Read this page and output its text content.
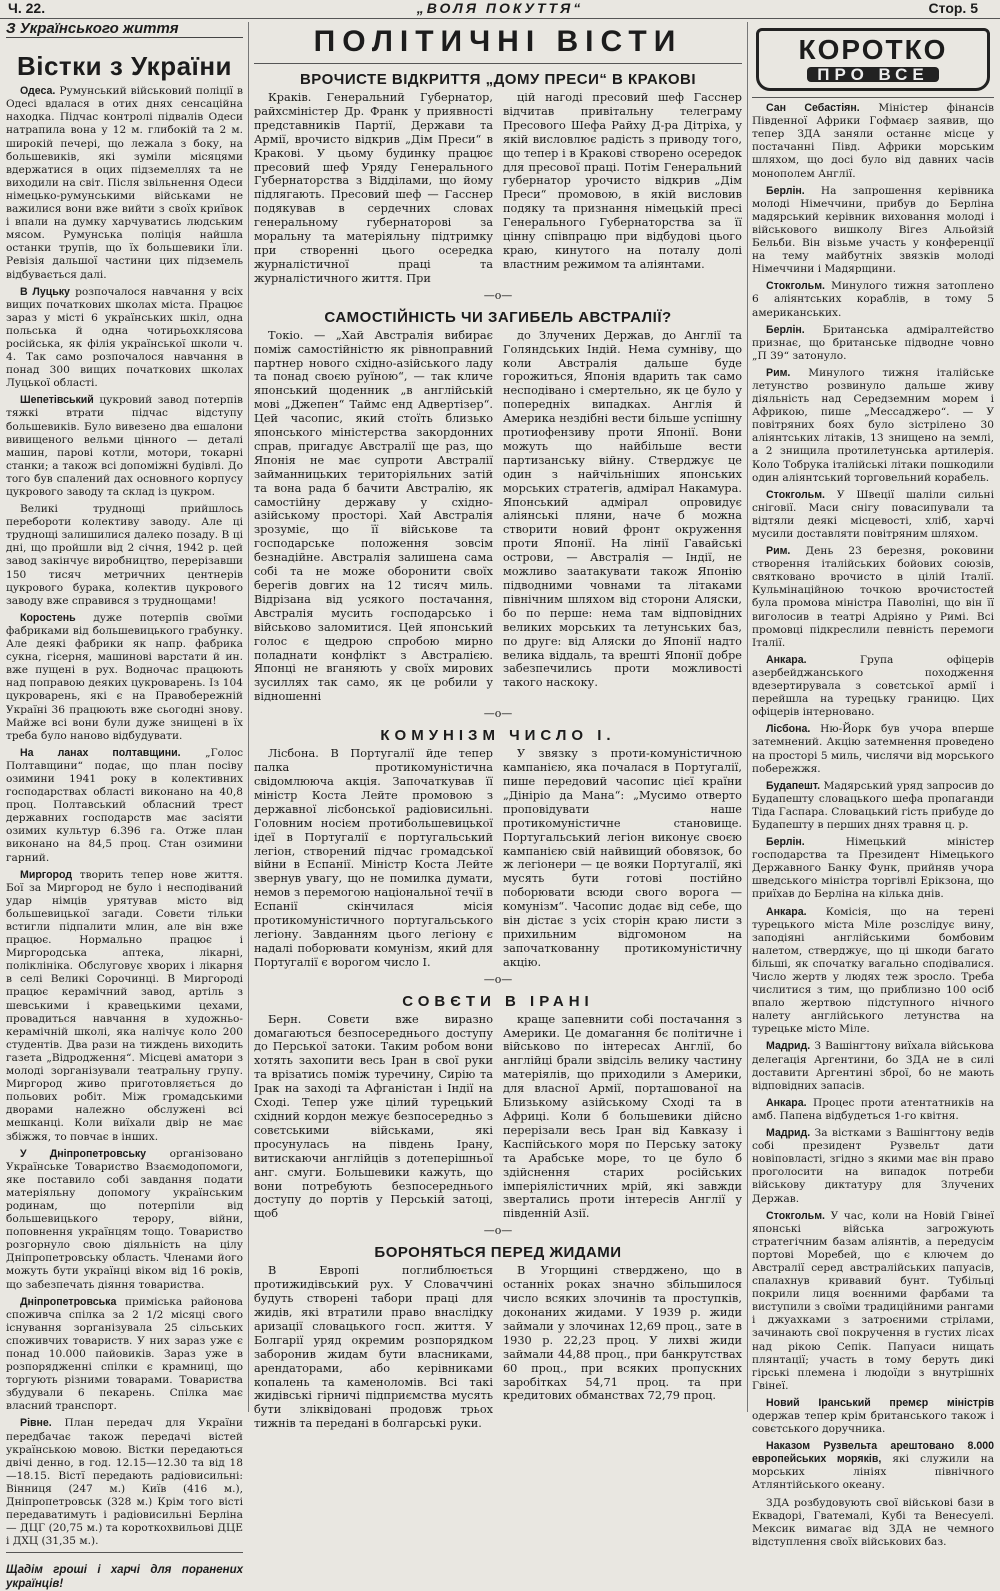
Ч. 22.	„ВОЛЯ ПОКУТТЯ“	Стор. 5
З Українського життя
Вістки з України

Одеса. Румунський військовий поліції в Одесі вдалася в отих днях сенсаційна находка. Підчас контролі підвалів Одеси натрапила вона у 12 м. глибокій та 2 м. широкій печері, що лежала з боку, на большевиків, які зуміли місяцями вдержатися в оцих підземеллях та не виходили на світ. Після звільнення Одеси німецько-румунськими військами не важилися вони вже вийти з своїх криївок і впали на думку харчуватись людським мясом. Румунська поліція найшла останки трупів, що їх большевики їли. Ревізія дальшої частини цих підземель відбувається далі.

В Луцьку розпочалося навчання у всіх вищих початкових школах міста. Працює зараз у місті 6 українських шкіл, одна польська й одна чотирьохклясова російська, як філія української школи ч. 4. Так само розпочалося навчання в понад 300 вищих початкових школах Луцької області.

Шепетівський цукровий завод потерпів тяжкі втрати підчас відступу большевиків. Було вивезено два ешалони вивищеного вельми цінного — деталі машин, парові котли, мотори, токарні станки; а також всі допоміжні будівлі. До того був спалений дах основного корпусу цукрового заводу та склад із цукром.

Великі труднощі прийшлось перебороти колективу заводу. Але ці труднощі залишилися далеко позаду. В ці дні, що пройшли від 2 січня, 1942 р. цей завод закінчує виробництво, перерізавши 150 тисяч метричних центнерів цукрового бурака, колектив цукрового заводу вже справився з труднощами!

Коростень дуже потерпів своїми фабриками від большевицького грабунку. Але деякі фабрики як напр. фабрика сукна, гісерня, машинові варстати й ин. вже пущені в рух. Водночас працюють над поправою деяких цукроварень. Із 104 цукроварень, які є на Правобережній Україні 36 працюють вже сьогодні знову. Майже всі вони були дуже знищені в їх треба було наново відбудувати.

На ланах полтавщини. „Голос Полтавщини“ подає, що план посіву озимини 1941 року в колективних господарствах області виконано на 40,8 проц. Полтавський обласний трест державних господарств має засіяти озимих культур 6.396 га. Отже план виконано на 84,5 проц. Стан озимини гарний.

Миргород творить тепер нове життя. Бої за Миргород не було і несподіваний удар німців урятував місто від большевицької загади. Совєти тільки встигли підпалити млин, але він вже працює. Нормально працює і Миргородська аптека, лікарні, поліклініка. Обслуговує хворих і лікарня в селі Великі Сорочинці. В Миргороді працює керамічний завод, артіль з шевськими і кравецькими цехами, провадиться навчання в художньо-керамічній школі, яка налічує коло 200 студентів. Два рази на тиждень виходить газета „Відродження“. Місцеві аматори з молоді зорганізували театральну групу. Миргород живо приготовляється до польових робіт. Між громадськими дворами належно обслужені всі мешканці. Коли виїхали двір не має збіжжя, то повчає в інших.

У Дніпропетровську організовано Українське Товариство Взаємодопомоги, яке поставило собі завдання подати матеріяльну допомогу українським родинам, що потерпіли від большевицького терору, війни, поповнення українцям тощо. Товариство розгорнуло свою діяльність на цілу Дніпропетровську область. Членами його можуть бути українці віком від 16 років, що забезпечать діяння товариства.

Дніпропетровська приміська районова споживча спілка за 2 1/2 місяці свого існування зорганізувала 25 сільських споживчих товариств. У них зараз уже є понад 10.000 пайовиків. Зараз уже в розпорядженні спілки є крамниці, що торгують різними товарами. Товариства збудували 6 пекарень. Спілка має власний транспорт.

Рівне. План передач для України передбачає також передачі вістей українською мовою. Вістки передаються двічі денно, в год. 12.15—12.30 та від 18—18.15. Вістї передають радіовисильні: Вінниця (247 м.) Київ (416 м.), Дніпропетровськ (328 м.) Крім того вісті передаватимуть і радіовисильні Берліна — ДЦГ (20,75 м.) та короткохвильові ДЦЕ і ДХЦ (31,35 м.).

Щадім гроші і харчі для поранених українців!
ПОЛІТИЧНІ ВІСТИ
ВРОЧИСТЕ ВІДКРИТТЯ „ДОМУ ПРЕСИ“ В КРАКОВІ
Краків. Генеральний Губернатор, райхсміністер Др. Франк у приявності представників Партії, Держави та Армії, врочисто відкрив „Дім Преси“ в Кракові. У цьому будинку працює пресовий шеф Уряду Генерального Губернаторства з Відділами, що йому підлягають. Пресовий шеф — Гасснер подякував в сердечних словах генеральному губернаторові за моральну та матеріяльну підтримку при створенні цього осередка журналістичної праці та журналістичного життя. При
цій нагоді пресовий шеф Гасснер відчитав привітальну телеграму Пресового Шефа Райху Д-ра Дітріха, у якій висловлює радість з приводу того, що тепер і в Кракові створено осередок для пресової праці. Потім Генеральний губернатор урочисто відкрив „Дім Преси“ промовою, в якій висловив подяку та признання німецькій пресі Генерального Губернаторства за її цінну співпрацю при відбудові цього краю, кинутого на поталу долі властним режимом та аліянтами.
—о—
САМОСТІЙНІСТЬ ЧИ ЗАГИБЕЛЬ АВСТРАЛІЇ?
Токіо. — „Хай Австралія вибирає поміж самостійністю як рівноправний партнер нового східно-азійського ладу та понад своєю руїною“, — так кличе японський щоденник „в англійській мові „Джепен“ Таймс енд Адвертізер“. Цей часопис, який стоїть близько японського міністерства закордонних справ, пригадує Австралії ще раз, що Японія не має супроти Австралії займанницьких територіяльних затій та вона рада б бачити Австралію, як самостійну державу у східно-азійському просторі. Хай Австралія зрозуміє, що її військове та господарське положення зовсім безнадійне. Австралія залишена сама собі та не може оборонити своїх берегів довгих на 12 тисяч миль. Відрізана від усякого постачання, Австралія мусить господарсько і військово заломитися. Цей японський голос є щедрою спробою мирно поладнати конфлікт з Австралією. Японці не вганяють у своїх мирових зусиллях так само, як це робили у відношенні
до Злучених Держав, до Англії та Голяндських Індій. Нема сумніву, що коли Австралія дальше буде горожиться, Японія вдарить так само несподівано і смертельно, як це було у попередніх випадках. Англія й Америка нездібні вести більше успішну протиофензиву проти Японії. Вони можуть що найбільше вести партизанську війну. Стверджує це один з найчільніших японських морських стратегів, адмірал Накамура. Японський адмірал опровидує аліянські пляни, наче б можна створити новий фронт окруження проти Японії. На лінії Гавайські острови, — Австралія — Індії, не можливо заатакувати також Японію підводними човнами та літаками північним шляхом від сторони Аляски, бо по перше: нема там відповідних великих морських та летунських баз, по друге: від Аляски до Японії надто велика віддаль, та врешті Японії добре забезпечились проти можливості такого наскоку.
—о—
КОМУНІЗМ ЧИСЛО І.
Лісбона. В Португалії йде тепер палка протикомуністична свідомлююча акція. Започаткував її міністр Коста Лейте промовою з державної лісбонської радіовисильні. Головним носієм протибольшевицької ідеї в Португалії є португальський легіон, створений підчас громадської війни в Еспанії. Міністр Коста Лейте звернув увагу, що не помилка думати, немов з перемогою національної течії в Еспанії скінчилася місія протикомуністичного португальського легіону. Завданням цього легіону є надалі поборювати комунізм, який для Португалії є ворогом число І.
У звязку з проти-комуністичною кампанією, яка почалася в Португалії, пише передовий часопис цієї країни „Дініріо да Мана“: „Мусимо отверто проповідувати наше протикомуністичне становище. Португальський легіон виконує своєю кампанією свій найвищий обовязок, бо ж легіонери — це вояки Португалії, які мусять бути готові постійно поборювати всюди свого ворога — комунізм“. Часопис додає від себе, що він дістає з усіх сторін краю листи з прихильним відгомоном на започаткованну протикомуністичну акцію.
—о—
СОВЄТИ В ІРАНІ
Берн. Совєти вже виразно домагаються безпосереднього доступу до Перської затоки. Таким робом вони хотять захопити весь Іран в свої руки та врізатись поміж туречину, Сирію та Ірак на заході та Афганістан і Індії на Сході. Тепер уже цілий турецький східний кордон межує безпосередньо з совєтськими військами, які просунулась на південь Ірану, витискаючи англійців з дотеперішньої анг. смуги. Большевики кажуть, що вони потребують безпосереднього доступу до портів у Перській затоці, щоб
краще запевнити собі постачання з Америки. Це домагання бє політичне і військово по інтересах Англії, бо англійці брали звідсіль велику частину матеріялів, що приходили з Америки, для власної Армії, порташованої на Близькому азійському Сході та в Африці. Коли б большевики дійсно перерізали весь Іран від Кавказу і Каспійського моря по Перську затоку та Арабське море, то це було б здійснення старих російських імперіялістичних мрій, які завжди звертались проти інтересів Англії у південній Азії.
—о—
БОРОНЯТЬСЯ ПЕРЕД ЖИДАМИ
В Европі поглиблюється протижидівський рух. У Словаччині будуть створені табори праці для жидів, які втратили право внаслідку аризації словацького госп. життя. У Болгарії уряд окремим розпорядком заборонив жидам бути власниками, арендаторами, або керівниками копалень та каменоломів. Всі такі жидівські гірничі підприємства мусять бути зліквідовані продовж трьох тижнів та передані в болгарські руки.
В Угорщині стверджено, що в останніх роках значно збільшилося число всяких злочинів та проступків, доконаних жидами. У 1939 р. жиди займали у злочинах 12,69 проц., зате в 1930 р. 22,23 проц. У лихві жиди займали 44,88 проц., при банкрутствах 60 проц., при всяких пропускних заробітках 54,71 проц. та при кредитових обманствах 72,79 проц.
КОРОТКО
ПРО ВСЕ

Сан Себастіян. Міністер фінансів Південної Африки Гофмаєр заявив, що тепер ЗДА заняли останнє місце у постачанні Півд. Африки морським шляхом, що досі було від давних часів монополем Англії.

Берлін. На запрошення керівника молоді Німеччини, прибув до Берліна мадярський керівник виховання молоді і військового вишколу Вігез Альойзій Бельби. Він візьме участь у конференції на тему майбутніх звязків молоді Німеччини і Мадярщини.

Стокгольм. Минулого тижня затоплено 6 аліянтських кораблів, в тому 5 американських.

Берлін. Британська адміралтейство признає, що британське підводне човно „П 39“ затонуло.

Рим. Минулого тижня італійське летунство розвинуло дальше живу діяльність над Середземним морем і Африкою, пише „Мессаджеро“. — У повітряних боях було зістрілено 30 аліянтських літаків, 13 знищено на землі, а 2 знищила протилетунська артилерія. Коло Тобрука італійські літаки пошкодили один аліянтський торговельний корабель.

Стокгольм. У Швеції шаліли сильні сніговії. Маси снігу повасипували та відтяли деякі місцевості, хліб, харчі мусили доставляти повітряним шляхом.

Рим. День 23 березня, роковини створення італійських бойових союзів, святковано врочисто в цілій Італії. Кульмінаційною точкою врочистостей була промова міністра Паволіні, що він її виголосив в театрі Адріяно у Римі. Всі промовці підкреслили певність перемоги Італії.

Анкара.	Група офіцерів азербейджанського походження вдезертирувала з совєтської армії і перейшла на турецьку границю. Цих офіцерів інтерновано.

Лісбона. Ню-Йорк був учора вперше затемнений. Акцію затемнення проведено на просторі 5 миль, числячи від морського побережжя.

Будапешт. Мадярський уряд запросив до Будапешту словацького шефа пропаганди Тіда Гаспара. Словацький гість прибуде до Будапешту в перших днях травня ц. р.

Берлін.	Німецький міністер господарства та Президент Німецького Державного Банку Функ, прийняв учора шведського міністра торгівлі Ерікзона, що приїхав до Берліна на кілька днів.

Анкара. Комісія, що на терені турецького міста Міле розслідує вину, заподіяні англійськими бомбовим налетом, стверджує, що ці шкоди багато більші, як спочатку вагально сподівалися. Число жертв у людях теж зросло. Треба числитися з тим, що приблизно 100 осіб впало жертвою підступного нічного налету англійського летунства на турецьке місто Міле.

Мадрид. З Вашінгтону виїхала військова делегація Аргентини, бо ЗДА не в силі доставити Аргентині зброї, бо не мають відповідних запасів.

Анкара. Процес проти атентатників на амб. Папена відбудеться 1-го квітня.

Мадрид. За вістками з Вашінгтону ведів собі президент Рузвельт дати новіповласті, згідно з якими має він право проголосити на випадок потреби військову диктатуру для Злучених Держав.

Стокгольм. У час, коли на Новій Гвінеї японські війська загрожують стратегічним базам аліянтів, а передусім портові Моребей, що є ключем до Австралії серед австралійських папуасів, спалахнув кривавий бунт. Тубільці покрили лиця воєнними фарбами та виступили з своїми традиційними рангами і джуахками з затроєними стрілами, зачинають свої покручення в густих лісах над рікою Сепік. Папуаси нищать плянтації; участь в тому беруть дикі гірські племена і людоїди з внутрішніх Гвінеї.

Новий Іранський премєр міністрів одержав тепер крім британського також і совєтського доручника.

Наказом Рузвельта арештовано 8.000 европейських моряків, які служили на морських лініях північного Атлянтійського океану.

ЗДА розбудовують свої військові бази в Еквадорі, Гватемалі, Кубі та Венесуелі. Мексик вимагає від ЗДА не чемного відступлення своїх військових баз.
